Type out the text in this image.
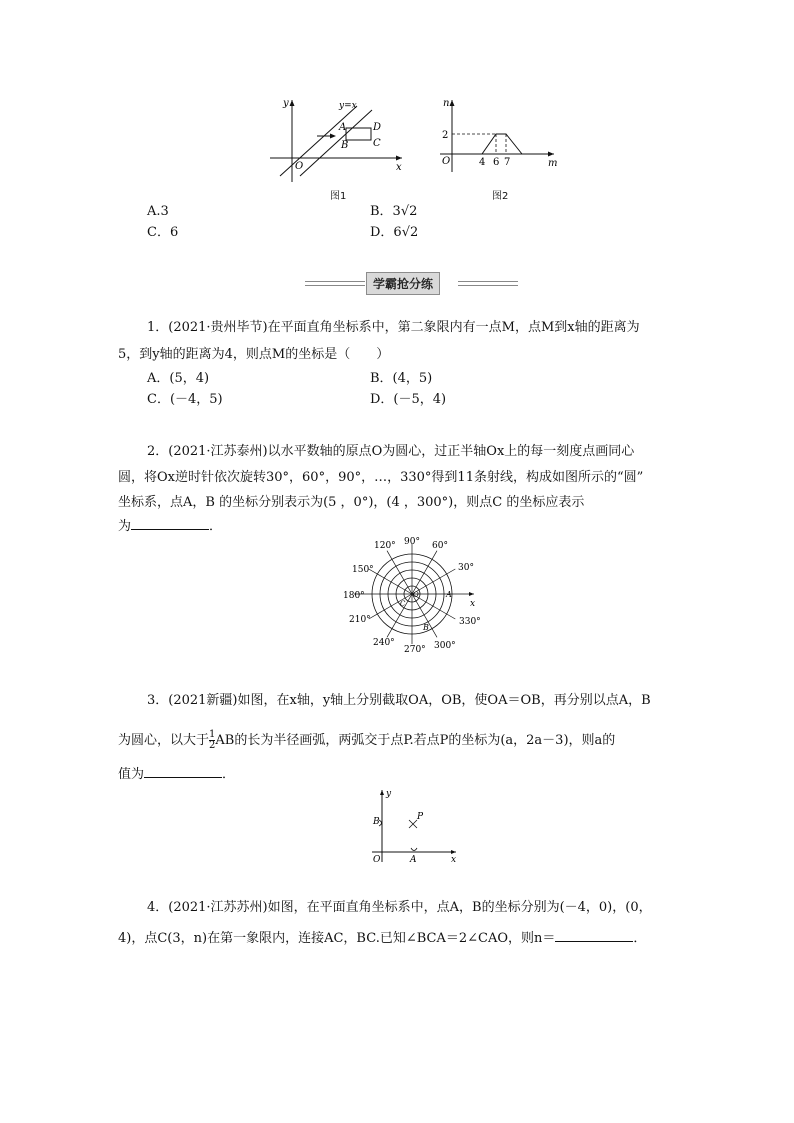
y	y=x
O	x
A	D
B C
图1
n
2
O	m
4 6 7
图2
A.3	B．3√2
C．6	D．6√2
学霸抢分练
1．(2021·贵州毕节)在平面直角坐标系中，第二象限内有一点M，点M到x轴的距离为
5，到y轴的距离为4，则点M的坐标是（　　）
A．(5，4)	B．(4，5)
C．(－4，5)	D．(－5，4)
2．(2021·江苏泰州)以水平数轴的原点O为圆心，过正半轴Ox上的每一刻度点画同心
圆，将Ox逆时针依次旋转30°，60°，90°，…，330°得到11条射线，构成如图所示的“圆”
坐标系，点A，B 的坐标分别表示为(5 ，0°)，(4 ，300°)，则点C 的坐标应表示
为	．
120° 90° 60°
150°	30°
180°
210°	330°
240°
270° 300°
x
A
B
C
O
3．(2021新疆)如图，在x轴，y轴上分别截取OA，OB，使OA＝OB，再分别以点A，B
为圆心，以大于 $\frac{1}{2}$ AB的长为半径画弧，两弧交于点P.若点P的坐标为(a，2a－3)，则a的
值为	．
y
B	P
O	A	x
4．(2021·江苏苏州)如图，在平面直角坐标系中，点A，B的坐标分别为(－4，0)，(0，
4)，点C(3，n)在第一象限内，连接AC，BC.已知∠BCA＝2∠CAO，则n＝	．
